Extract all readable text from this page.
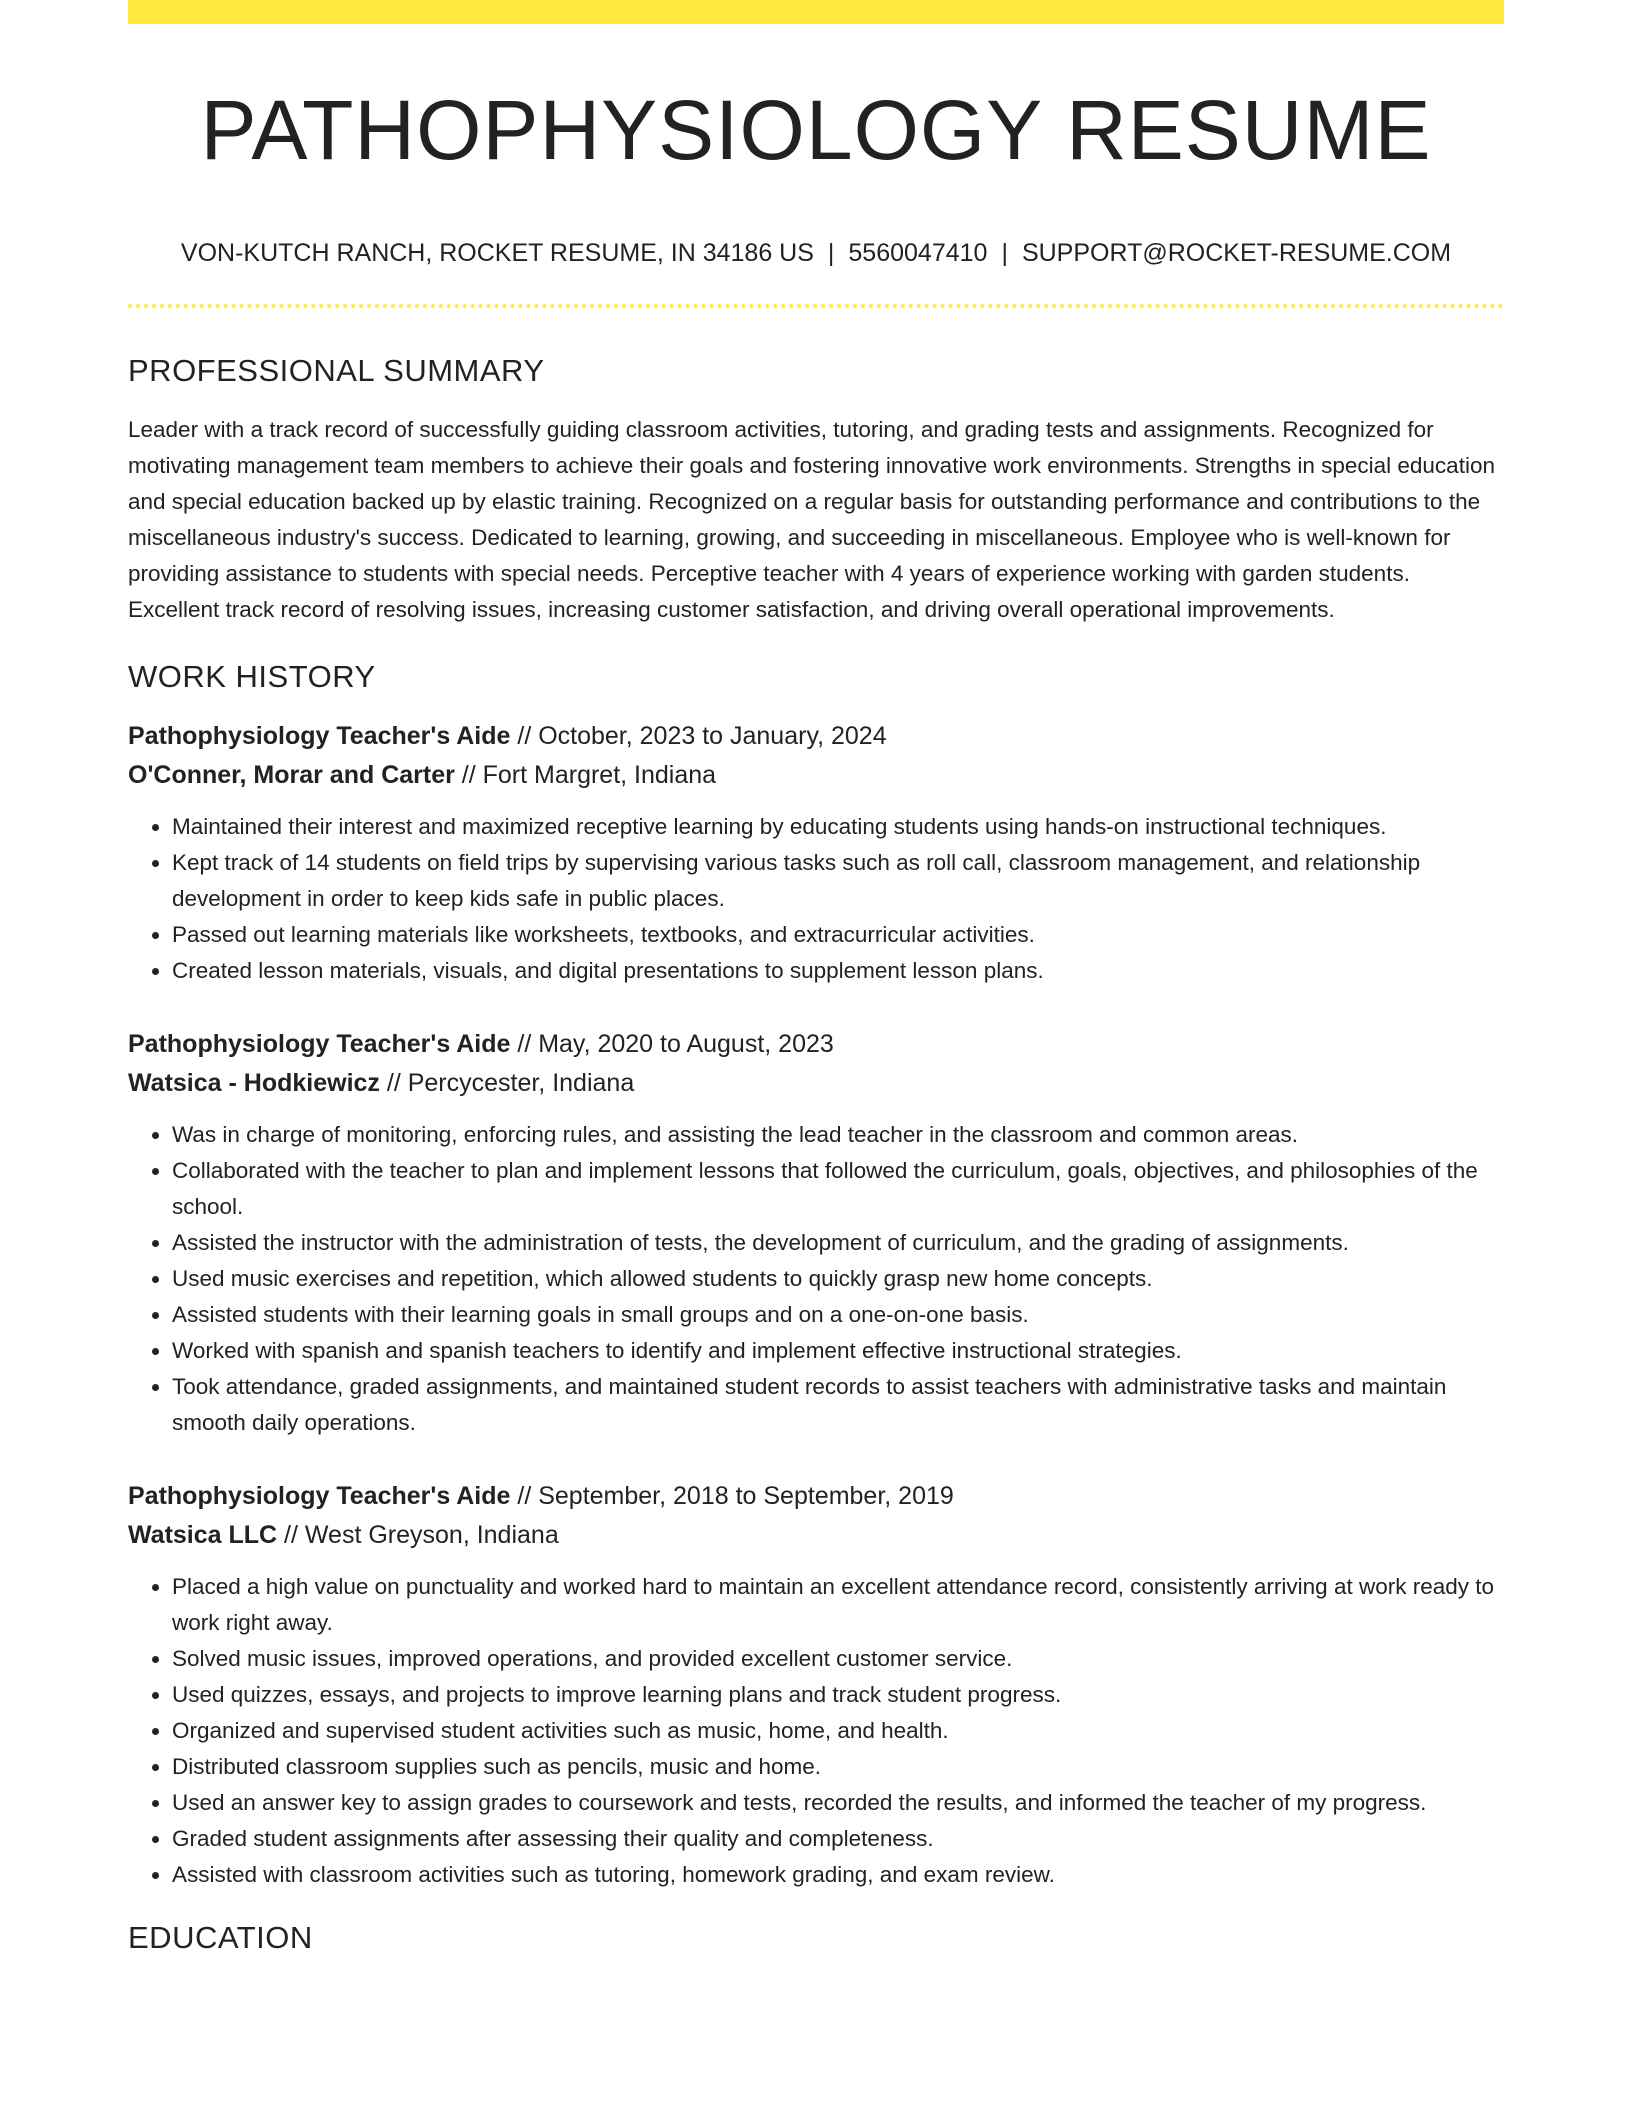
PATHOPHYSIOLOGY RESUME
VON-KUTCH RANCH, ROCKET RESUME, IN 34186 US | 5560047410 | SUPPORT@ROCKET-RESUME.COM
PROFESSIONAL SUMMARY

Leader with a track record of successfully guiding classroom activities, tutoring, and grading tests and assignments. Recognized for motivating management team members to achieve their goals and fostering innovative work environments. Strengths in special education and special education backed up by elastic training. Recognized on a regular basis for outstanding performance and contributions to the miscellaneous industry's success. Dedicated to learning, growing, and succeeding in miscellaneous. Employee who is well-known for providing assistance to students with special needs. Perceptive teacher with 4 years of experience working with garden students. Excellent track record of resolving issues, increasing customer satisfaction, and driving overall operational improvements.

WORK HISTORY
Pathophysiology Teacher's Aide // October, 2023 to January, 2024
O'Conner, Morar and Carter // Fort Margret, Indiana
• Maintained their interest and maximized receptive learning by educating students using hands-on instructional techniques.
• Kept track of 14 students on field trips by supervising various tasks such as roll call, classroom management, and relationship development in order to keep kids safe in public places.
• Passed out learning materials like worksheets, textbooks, and extracurricular activities.
• Created lesson materials, visuals, and digital presentations to supplement lesson plans.
Pathophysiology Teacher's Aide // May, 2020 to August, 2023
Watsica - Hodkiewicz // Percycester, Indiana
• Was in charge of monitoring, enforcing rules, and assisting the lead teacher in the classroom and common areas.
• Collaborated with the teacher to plan and implement lessons that followed the curriculum, goals, objectives, and philosophies of the school.
• Assisted the instructor with the administration of tests, the development of curriculum, and the grading of assignments.
• Used music exercises and repetition, which allowed students to quickly grasp new home concepts.
• Assisted students with their learning goals in small groups and on a one-on-one basis.
• Worked with spanish and spanish teachers to identify and implement effective instructional strategies.
• Took attendance, graded assignments, and maintained student records to assist teachers with administrative tasks and maintain smooth daily operations.
Pathophysiology Teacher's Aide // September, 2018 to September, 2019
Watsica LLC // West Greyson, Indiana
• Placed a high value on punctuality and worked hard to maintain an excellent attendance record, consistently arriving at work ready to work right away.
• Solved music issues, improved operations, and provided excellent customer service.
• Used quizzes, essays, and projects to improve learning plans and track student progress.
• Organized and supervised student activities such as music, home, and health.
• Distributed classroom supplies such as pencils, music and home.
• Used an answer key to assign grades to coursework and tests, recorded the results, and informed the teacher of my progress.
• Graded student assignments after assessing their quality and completeness.
• Assisted with classroom activities such as tutoring, homework grading, and exam review.
EDUCATION
